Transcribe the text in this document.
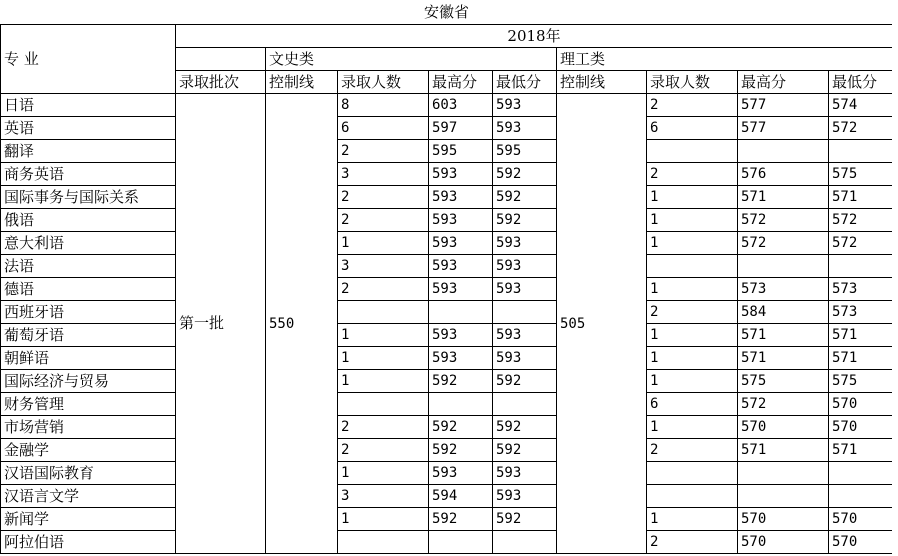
安徽省									
专 业	2018年								
		文史类				理工类			
	录取批次	控制线	录取人数	最高分	最低分	控制线	录取人数	最高分	最低分
日语	第一批	550	8	603	593	505	2	577	574
英语			6	597	593		6	577	572
翻译			2	595	595				
商务英语			3	593	592		2	576	575
国际事务与国际关系			2	593	592		1	571	571
俄语			2	593	592		1	572	572
意大利语			1	593	593		1	572	572
法语			3	593	593				
德语			2	593	593		1	573	573
西班牙语							2	584	573
葡萄牙语			1	593	593		1	571	571
朝鲜语			1	593	593		1	571	571
国际经济与贸易			1	592	592		1	575	575
财务管理							6	572	570
市场营销			2	592	592		1	570	570
金融学			2	592	592		2	571	571
汉语国际教育			1	593	593				
汉语言文学			3	594	593				
新闻学			1	592	592		1	570	570
阿拉伯语							2	570	570
